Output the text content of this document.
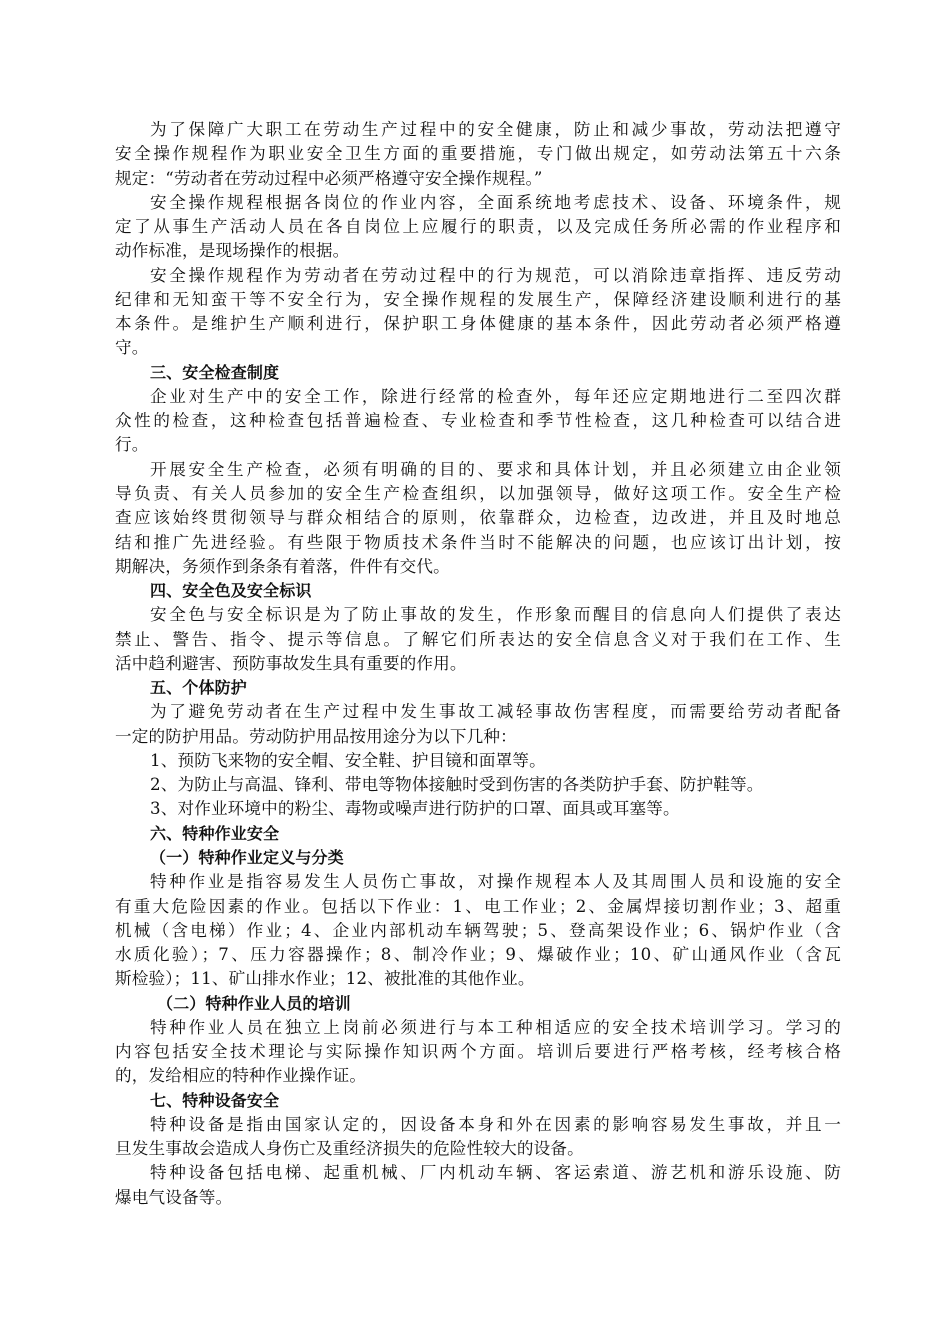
为了保障广大职工在劳动生产过程中的安全健康，防止和减少事故，劳动法把遵守
安全操作规程作为职业安全卫生方面的重要措施，专门做出规定，如劳动法第五十六条
规定：“劳动者在劳动过程中必须严格遵守安全操作规程。”
安全操作规程根据各岗位的作业内容，全面系统地考虑技术、设备、环境条件，规
定了从事生产活动人员在各自岗位上应履行的职责，以及完成任务所必需的作业程序和
动作标准，是现场操作的根据。
安全操作规程作为劳动者在劳动过程中的行为规范，可以消除违章指挥、违反劳动
纪律和无知蛮干等不安全行为，安全操作规程的发展生产，保障经济建设顺利进行的基
本条件。是维护生产顺利进行，保护职工身体健康的基本条件，因此劳动者必须严格遵
守。
三、安全检查制度
企业对生产中的安全工作，除进行经常的检查外，每年还应定期地进行二至四次群
众性的检查，这种检查包括普遍检查、专业检查和季节性检查，这几种检查可以结合进
行。
开展安全生产检查，必须有明确的目的、要求和具体计划，并且必须建立由企业领
导负责、有关人员参加的安全生产检查组织，以加强领导，做好这项工作。安全生产检
查应该始终贯彻领导与群众相结合的原则，依靠群众，边检查，边改进，并且及时地总
结和推广先进经验。有些限于物质技术条件当时不能解决的问题，也应该订出计划，按
期解决，务须作到条条有着落，件件有交代。
四、安全色及安全标识
安全色与安全标识是为了防止事故的发生，作形象而醒目的信息向人们提供了表达
禁止、警告、指令、提示等信息。了解它们所表达的安全信息含义对于我们在工作、生
活中趋利避害、预防事故发生具有重要的作用。
五、个体防护
为了避免劳动者在生产过程中发生事故工减轻事故伤害程度，而需要给劳动者配备
一定的防护用品。劳动防护用品按用途分为以下几种：
1、预防飞来物的安全帽、安全鞋、护目镜和面罩等。
2、为防止与高温、锋利、带电等物体接触时受到伤害的各类防护手套、防护鞋等。
3、对作业环境中的粉尘、毒物或噪声进行防护的口罩、面具或耳塞等。
六、特种作业安全
（一）特种作业定义与分类
特种作业是指容易发生人员伤亡事故，对操作规程本人及其周围人员和设施的安全
有重大危险因素的作业。包括以下作业：1、电工作业；2、金属焊接切割作业；3、超重
机械（含电梯）作业；4、企业内部机动车辆驾驶；5、登高架设作业；6、锅炉作业（含
水质化验）；7、压力容器操作；8、制冷作业；9、爆破作业；10、矿山通风作业（含瓦
斯检验）；11、矿山排水作业；12、被批准的其他作业。
（二）特种作业人员的培训
特种作业人员在独立上岗前必须进行与本工种相适应的安全技术培训学习。学习的
内容包括安全技术理论与实际操作知识两个方面。培训后要进行严格考核，经考核合格
的，发给相应的特种作业操作证。
七、特种设备安全
特种设备是指由国家认定的，因设备本身和外在因素的影响容易发生事故，并且一
旦发生事故会造成人身伤亡及重经济损失的危险性较大的设备。
特种设备包括电梯、起重机械、厂内机动车辆、客运索道、游艺机和游乐设施、防
爆电气设备等。
